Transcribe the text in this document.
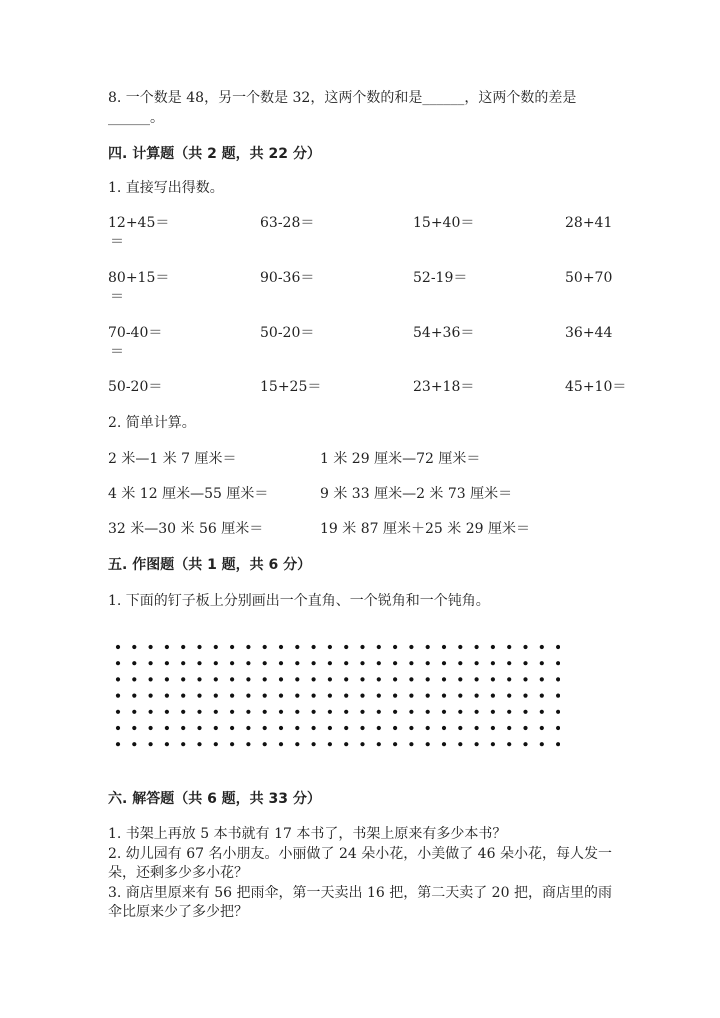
8. 一个数是 48，另一个数是 32，这两个数的和是______，这两个数的差是
______。
四. 计算题（共 2 题，共 22 分）
1. 直接写出得数。
12+45＝	63-28＝	15+40＝	28+41
＝
80+15＝	90-36＝	52-19＝	50+70
＝
70-40＝	50-20＝	54+36＝	36+44
＝
50-20＝	15+25＝	23+18＝	45+10＝
2. 简单计算。
2 米—1 米 7 厘米＝	1 米 29 厘米—72 厘米＝
4 米 12 厘米—55 厘米＝	9 米 33 厘米—2 米 73 厘米＝
32 米—30 米 56 厘米＝	19 米 87 厘米＋25 米 29 厘米＝
五. 作图题（共 1 题，共 6 分）
1. 下面的钉子板上分别画出一个直角、一个锐角和一个钝角。
六. 解答题（共 6 题，共 33 分）
1. 书架上再放 5 本书就有 17 本书了，书架上原来有多少本书？
2. 幼儿园有 67 名小朋友。小丽做了 24 朵小花，小美做了 46 朵小花，每人发一
朵，还剩多少多小花？
3. 商店里原来有 56 把雨伞，第一天卖出 16 把，第二天卖了 20 把，商店里的雨
伞比原来少了多少把？
